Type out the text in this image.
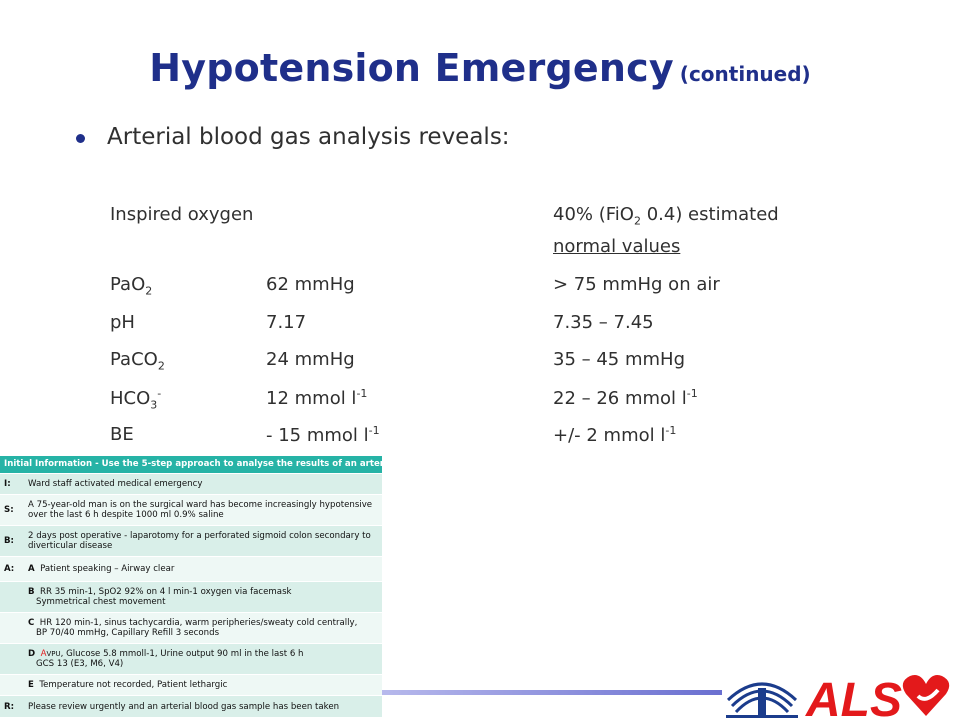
Hypotension Emergency (continued)
Arterial blood gas analysis reveals:
Inspired oxygen	40% (FiO$_2$ 0.4) estimated
normal values
PaO$_2$	62 mmHg	> 75 mmHg on air
pH	7.17	7.35 – 7.45
PaCO$_2$	24 mmHg	35 – 45 mmHg
$HCO_3^-$	12 mmol $l^{-1}$	22 – 26 mmol $l^{-1}$
BE	- 15 mmol $l^{-1}$	+/- 2 mmol $l^{-1}$
Initial Information - Use the 5-step approach to analyse the results of an arterial blood sample
I:	Ward staff activated medical emergency
S:	A 75-year-old man is on the surgical ward has become increasingly hypotensive over the last 6 h despite 1000 ml 0.9% saline
B:	2 days post operative - laparotomy for a perforated sigmoid colon secondary to diverticular disease
A:	A Patient speaking – Airway clear
B RR 35 min-1, SpO2 92% on 4 l min-1 oxygen via facemask
Symmetrical chest movement
C HR 120 min-1, sinus tachycardia, warm peripheries/sweaty cold centrally,
BP 70/40 mmHg, Capillary Refill 3 seconds
D AVPU, Glucose 5.8 mmoll-1, Urine output 90 ml in the last 6 h
GCS 13 (E3, M6, V4)
E Temperature not recorded, Patient lethargic
R:	Please review urgently and an arterial blood gas sample has been taken	ALS
